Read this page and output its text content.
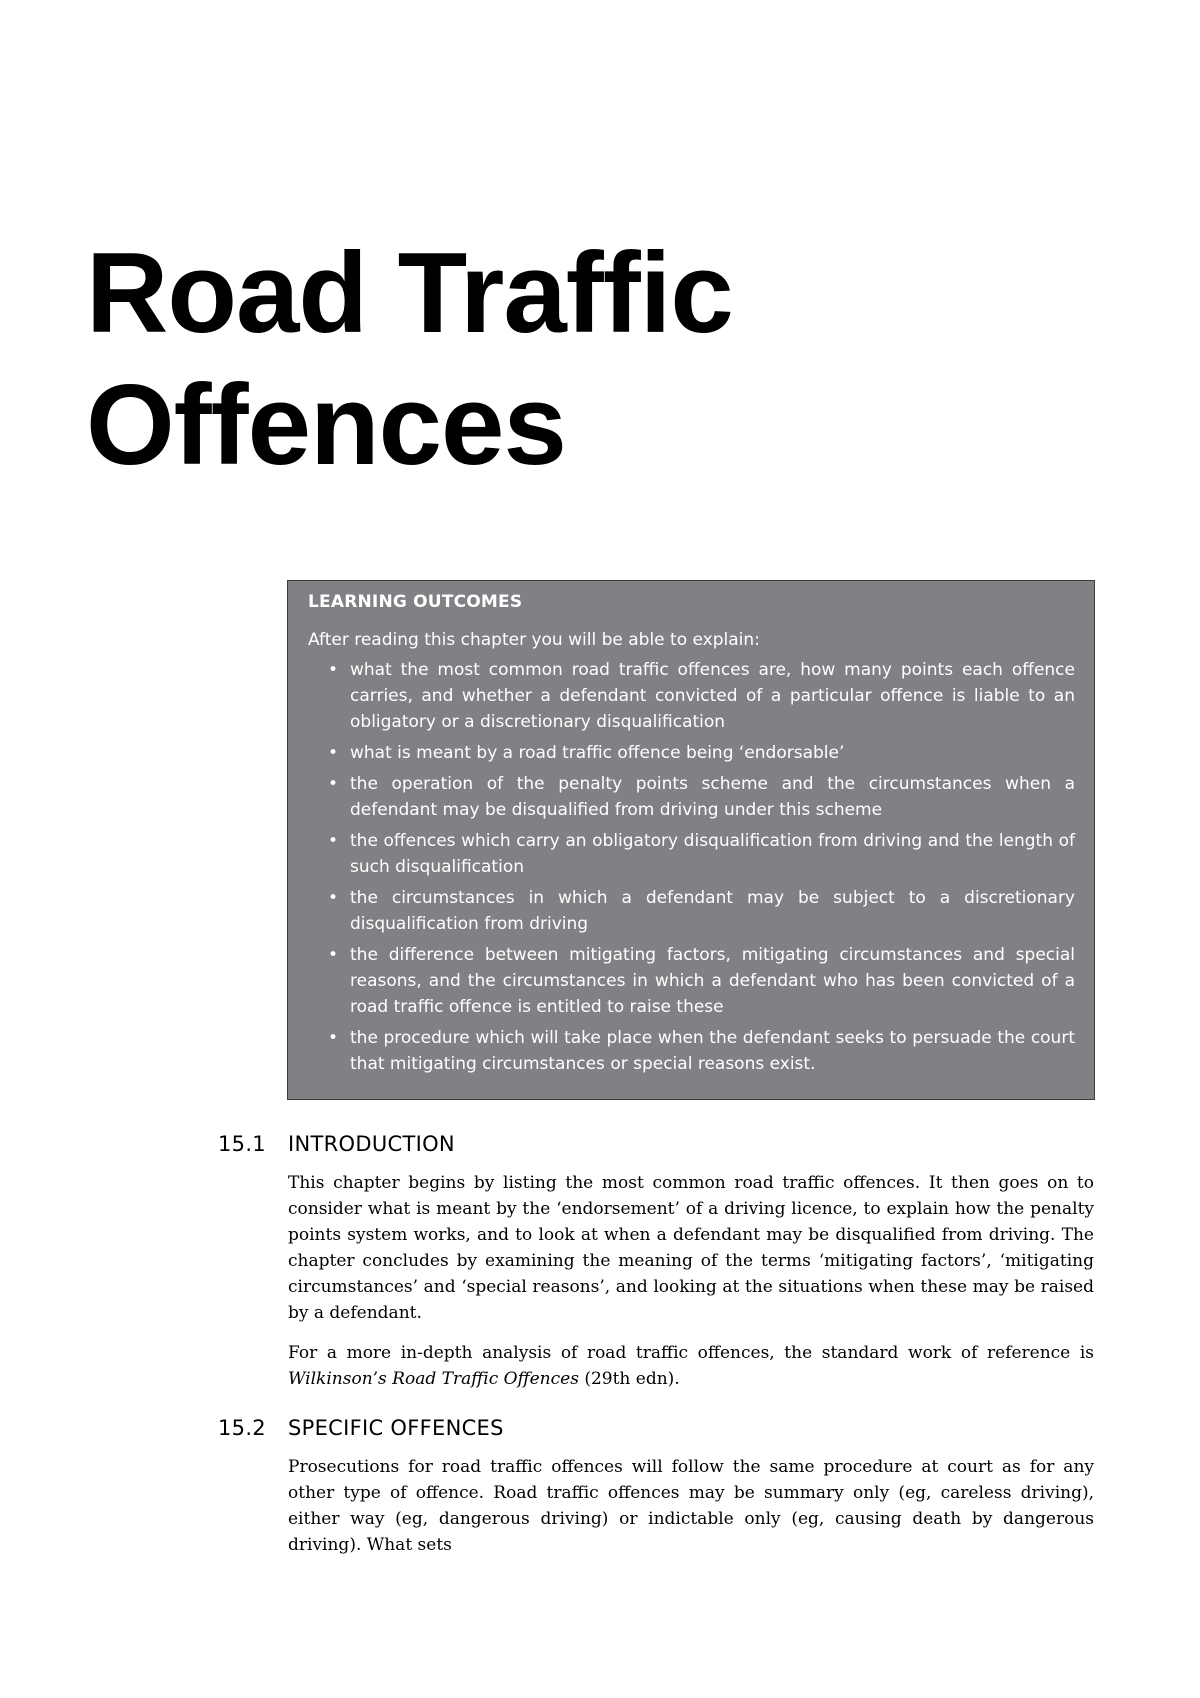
Road Traffic
Offences
LEARNING OUTCOMES
After reading this chapter you will be able to explain:
• what the most common road traffic offences are, how many points each offence carries, and whether a defendant convicted of a particular offence is liable to an obligatory or a discretionary disqualification
• what is meant by a road traffic offence being ‘endorsable’
• the operation of the penalty points scheme and the circumstances when a defendant may be disqualified from driving under this scheme
• the offences which carry an obligatory disqualification from driving and the length of such disqualification
• the circumstances in which a defendant may be subject to a discretionary disqualification from driving
• the difference between mitigating factors, mitigating circumstances and special reasons, and the circumstances in which a defendant who has been convicted of a road traffic offence is entitled to raise these
• the procedure which will take place when the defendant seeks to persuade the court that mitigating circumstances or special reasons exist.
15.1 INTRODUCTION

This chapter begins by listing the most common road traffic offences. It then goes on to consider what is meant by the ‘endorsement’ of a driving licence, to explain how the penalty points system works, and to look at when a defendant may be disqualified from driving. The chapter concludes by examining the meaning of the terms ‘mitigating factors’, ‘mitigating circumstances’ and ‘special reasons’, and looking at the situations when these may be raised by a defendant.

For a more in-depth analysis of road traffic offences, the standard work of reference is Wilkinson’s Road Traffic Offences (29th edn).

15.2 SPECIFIC OFFENCES

Prosecutions for road traffic offences will follow the same procedure at court as for any other type of offence. Road traffic offences may be summary only (eg, careless driving), either way (eg, dangerous driving) or indictable only (eg, causing death by dangerous driving). What sets
